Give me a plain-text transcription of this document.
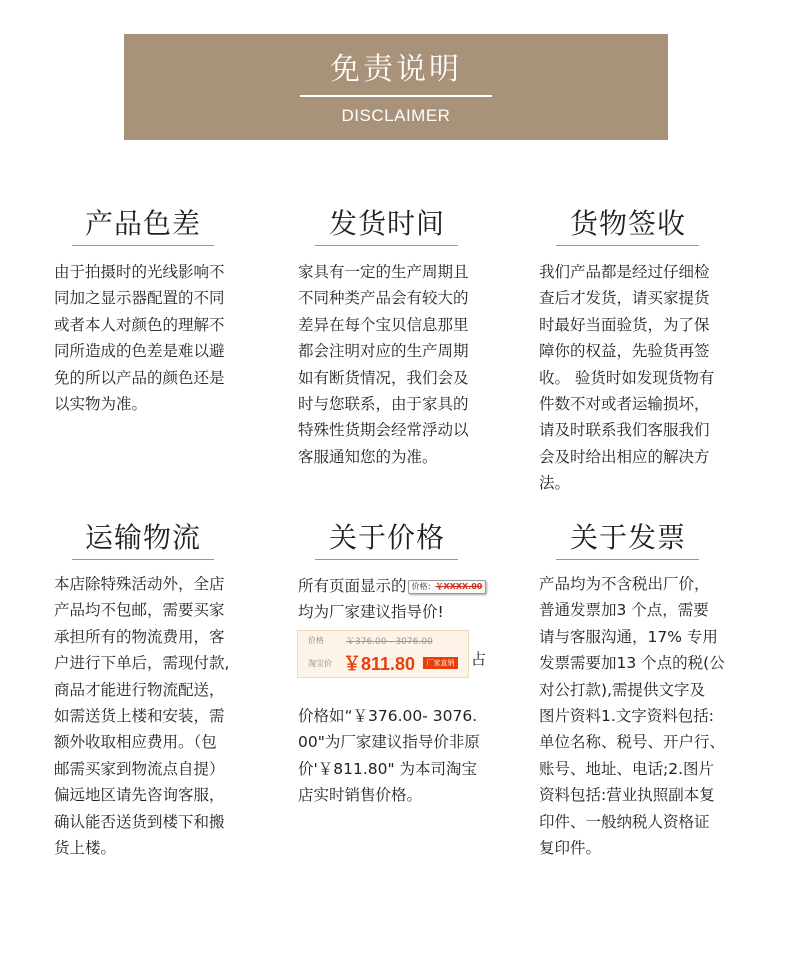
免责说明
DISCLAIMER
产品色差
由于拍摄时的光线影响不
同加之显示器配置的不同
或者本人对颜色的理解不
同所造成的色差是难以避
免的所以产品的颜色还是
以实物为准。
发货时间
家具有一定的生产周期且
不同种类产品会有较大的
差异在每个宝贝信息那里
都会注明对应的生产周期
如有断货情况，我们会及
时与您联系，由于家具的
特殊性货期会经常浮动以
客服通知您的为准。
货物签收
我们产品都是经过仔细检
查后才发货，请买家提货
时最好当面验货，为了保
障你的权益，先验货再签
收。 验货时如发现货物有
件数不对或者运输损坏，
请及时联系我们客服我们
会及时给出相应的解决方
法。
运输物流
本店除特殊活动外，全店
产品均不包邮，需要买家
承担所有的物流费用，客
户进行下单后，需现付款,
商品才能进行物流配送，
如需送货上楼和安装，需
额外收取相应费用。（包
邮需买家到物流点自提）
偏远地区请先咨询客服，
确认能否送货到楼下和搬
货上楼。
关于价格
所有页面显示的 价格：￥XXXX.00
均为厂家建议指导价!
价格 ￥376.00 - 3076.00
淘宝价 ￥811.80	厂家直销 占
价格如“￥376.00- 3076.
00"为厂家建议指导价非原
价'￥811.80" 为本司淘宝
店实时销售价格。
关于发票
产品均为不含税出厂价，
普通发票加3 个点，需要
请与客服沟通，17% 专用
发票需要加13 个点的税(公
对公打款),需提供文字及
图片资料1.文字资料包括:
单位名称、税号、开户行、
账号、地址、电话;2.图片
资料包括:营业执照副本复
印件、一般纳税人资格证
复印件。
